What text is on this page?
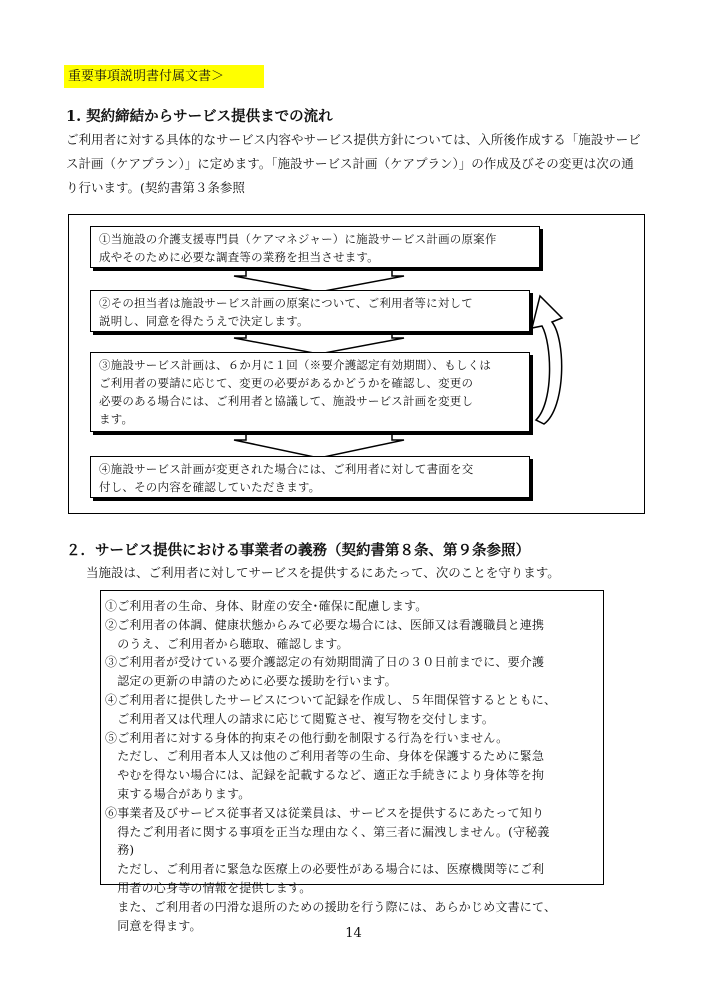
重要事項説明書付属文書＞
1. 契約締結からサービス提供までの流れ
ご利用者に対する具体的なサービス内容やサービス提供方針については、入所後作成する「施設サービ
ス計画（ケアプラン）」に定めます。「施設サービス計画（ケアプラン）」の作成及びその変更は次の通
り行います。(契約書第３条参照
①当施設の介護支援専門員（ケアマネジャー）に施設サービス計画の原案作
成やそのために必要な調査等の業務を担当させます。
②その担当者は施設サービス計画の原案について、ご利用者等に対して
説明し、同意を得たうえで決定します。
③施設サービス計画は、６か月に１回（※要介護認定有効期間）、もしくは
ご利用者の要請に応じて、変更の必要があるかどうかを確認し、変更の
必要のある場合には、ご利用者と協議して、施設サービス計画を変更し
ます。
④施設サービス計画が変更された場合には、ご利用者に対して書面を交
付し、その内容を確認していただきます。
２．サービス提供における事業者の義務（契約書第８条、第９条参照）
当施設は、ご利用者に対してサービスを提供するにあたって、次のことを守ります。
①ご利用者の生命、身体、財産の安全･確保に配慮します。
②ご利用者の体調、健康状態からみて必要な場合には、医師又は看護職員と連携
　のうえ、ご利用者から聴取、確認します。
③ご利用者が受けている要介護認定の有効期間満了日の３０日前までに、要介護
　認定の更新の申請のために必要な援助を行います。
④ご利用者に提供したサービスについて記録を作成し、５年間保管するとともに、
　ご利用者又は代理人の請求に応じて閲覧させ、複写物を交付します。
⑤ご利用者に対する身体的拘束その他行動を制限する行為を行いません。
　ただし、ご利用者本人又は他のご利用者等の生命、身体を保護するために緊急
　やむを得ない場合には、記録を記載するなど、適正な手続きにより身体等を拘
　束する場合があります。
⑥事業者及びサービス従事者又は従業員は、サービスを提供するにあたって知り
　得たご利用者に関する事項を正当な理由なく、第三者に漏洩しません。(守秘義
　務)
　ただし、ご利用者に緊急な医療上の必要性がある場合には、医療機関等にご利
　用者の心身等の情報を提供します。
　また、ご利用者の円滑な退所のための援助を行う際には、あらかじめ文書にて、
　同意を得ます。
14
